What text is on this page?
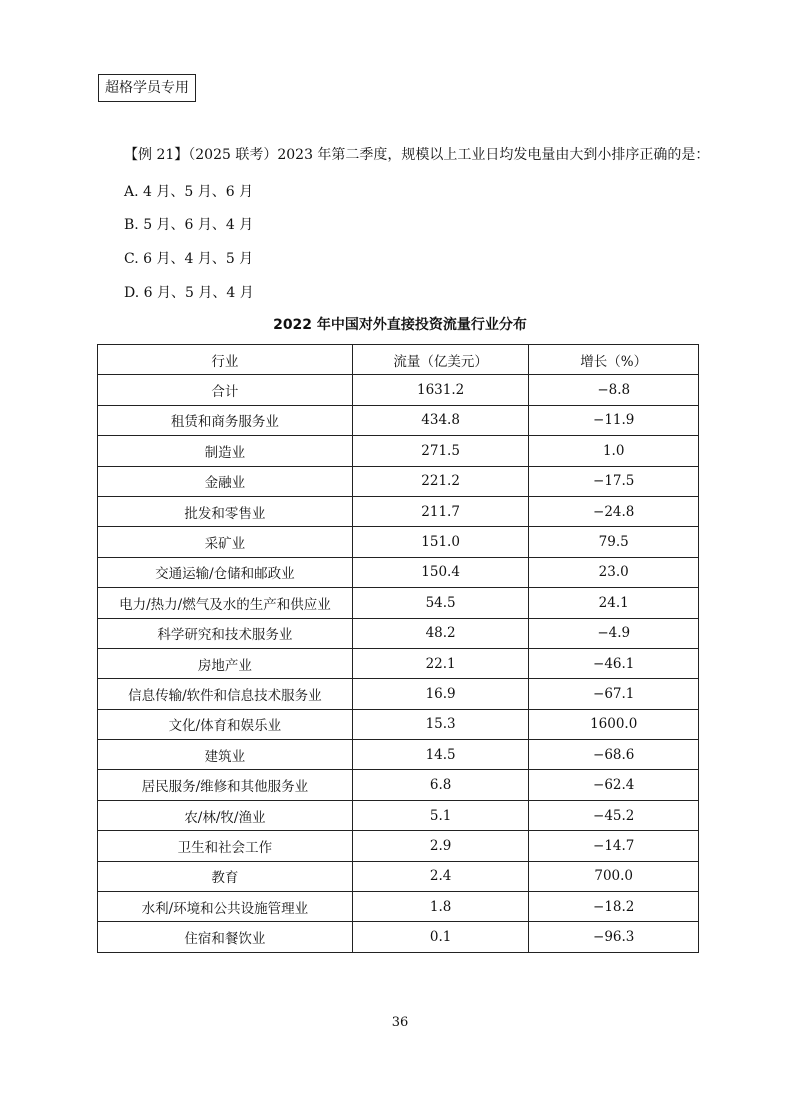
超格学员专用
【例 21】（2025 联考）2023 年第二季度，规模以上工业日均发电量由大到小排序正确的是：
A. 4 月、5 月、6 月
B. 5 月、6 月、4 月
C. 6 月、4 月、5 月
D. 6 月、5 月、4 月
2022 年中国对外直接投资流量行业分布
行业	流量（亿美元）	增长（%）
合计	1631.2	−8.8
租赁和商务服务业	434.8	−11.9
制造业	271.5	1.0
金融业	221.2	−17.5
批发和零售业	211.7	−24.8
采矿业	151.0	79.5
交通运输/仓储和邮政业	150.4	23.0
电力/热力/燃气及水的生产和供应业	54.5	24.1
科学研究和技术服务业	48.2	−4.9
房地产业	22.1	−46.1
信息传输/软件和信息技术服务业	16.9	−67.1
文化/体育和娱乐业	15.3	1600.0
建筑业	14.5	−68.6
居民服务/维修和其他服务业	6.8	−62.4
农/林/牧/渔业	5.1	−45.2
卫生和社会工作	2.9	−14.7
教育	2.4	700.0
水利/环境和公共设施管理业	1.8	−18.2
住宿和餐饮业	0.1	−96.3
36
